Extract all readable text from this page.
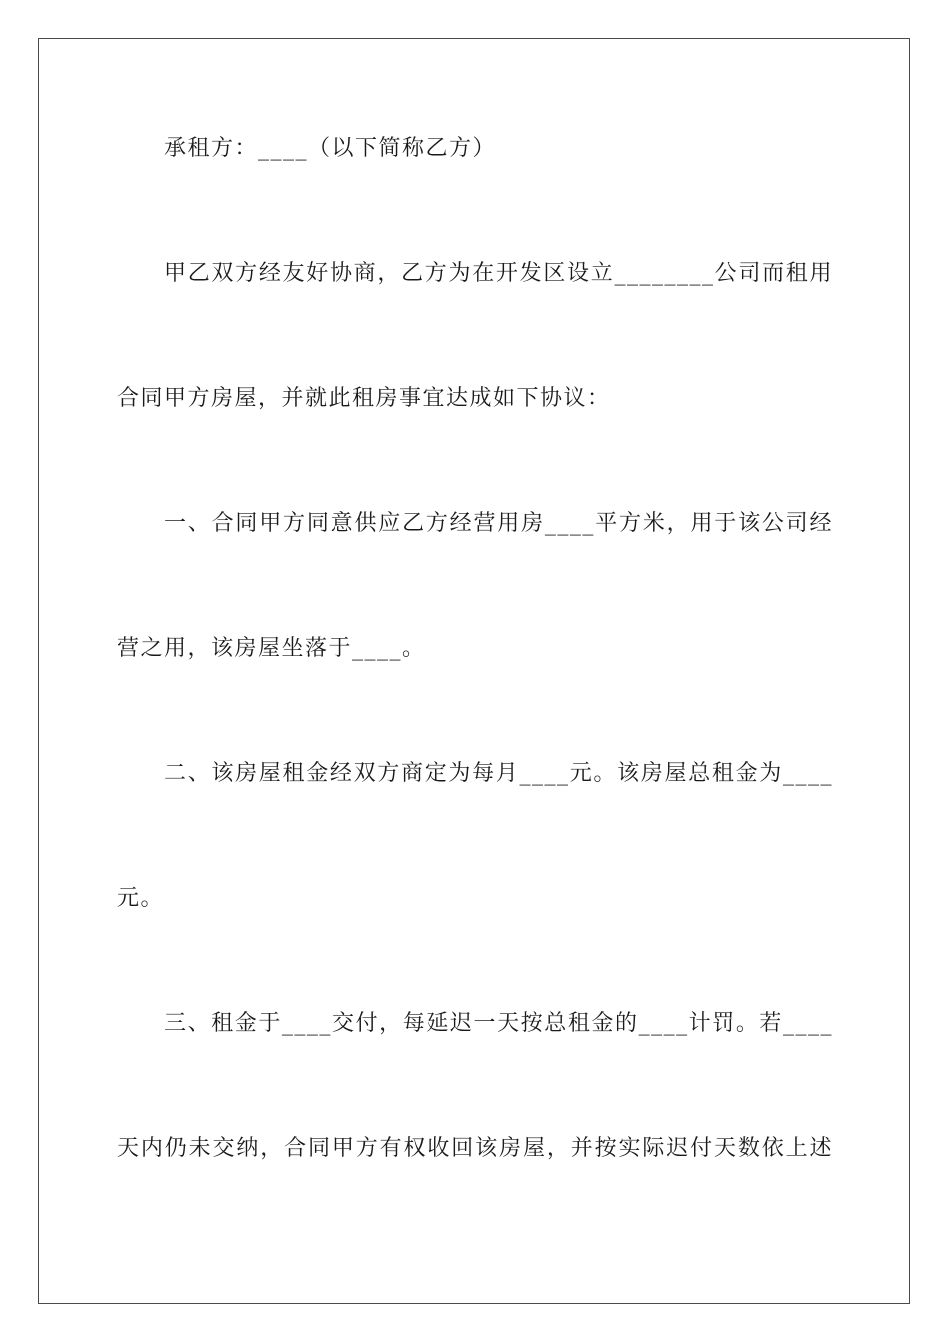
承租方：____（以下简称乙方）
甲乙双方经友好协商，乙方为在开发区设立________公司而租用
合同甲方房屋，并就此租房事宜达成如下协议：
一、合同甲方同意供应乙方经营用房____平方米，用于该公司经
营之用，该房屋坐落于____。
二、该房屋租金经双方商定为每月____元。该房屋总租金为____
元。
三、租金于____交付，每延迟一天按总租金的____计罚。若____
天内仍未交纳，合同甲方有权收回该房屋，并按实际迟付天数依上述
